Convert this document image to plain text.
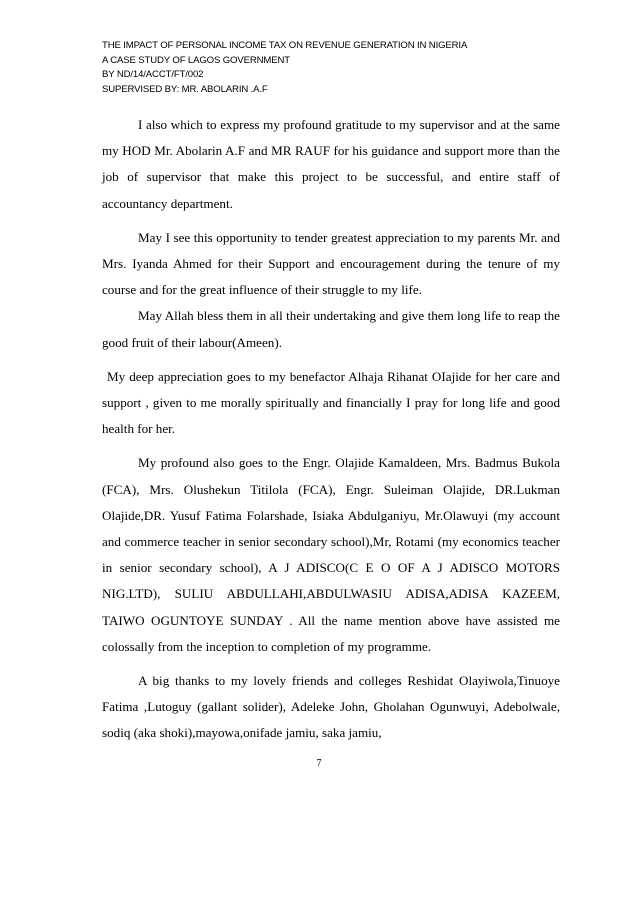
THE IMPACT OF PERSONAL INCOME TAX ON REVENUE GENERATION IN NIGERIA
A CASE STUDY OF LAGOS GOVERNMENT
BY ND/14/ACCT/FT/002
SUPERVISED BY: MR. ABOLARIN .A.F

I also which to express my profound gratitude to my supervisor and at the same my HOD Mr. Abolarin A.F and MR RAUF for his guidance and support more than the job of supervisor that make this project to be successful, and entire staff of accountancy department.

May I see this opportunity to tender greatest appreciation to my parents Mr. and Mrs. Iyanda Ahmed for their Support and encouragement during the tenure of my course and for the great influence of their struggle to my life.

May Allah bless them in all their undertaking and give them long life to reap the good fruit of their labour(Ameen).

My deep appreciation goes to my benefactor Alhaja Rihanat OIajide for her care and support , given to me morally spiritually and financially I pray for long life and good health for her.

My profound also goes to the Engr. Olajide Kamaldeen, Mrs. Badmus Bukola (FCA), Mrs. Olushekun Titilola (FCA), Engr. Suleiman Olajide, DR.Lukman Olajide,DR. Yusuf Fatima Folarshade, Isiaka Abdulganiyu, Mr.Olawuyi (my account and commerce teacher in senior secondary school),Mr, Rotami (my economics teacher in senior secondary school), A J ADISCO(C E O OF A J ADISCO MOTORS NIG.LTD), SULIU ABDULLAHI,ABDULWASIU ADISA,ADISA KAZEEM, TAIWO OGUNTOYE SUNDAY . All the name mention above have assisted me colossally from the inception to completion of my programme.

A big thanks to my lovely friends and colleges Reshidat Olayiwola,Tinuoye Fatima ,Lutoguy (gallant solider), Adeleke John, Gholahan Ogunwuyi, Adebolwale, sodiq (aka shoki),mayowa,onifade jamiu, saka jamiu,

7
